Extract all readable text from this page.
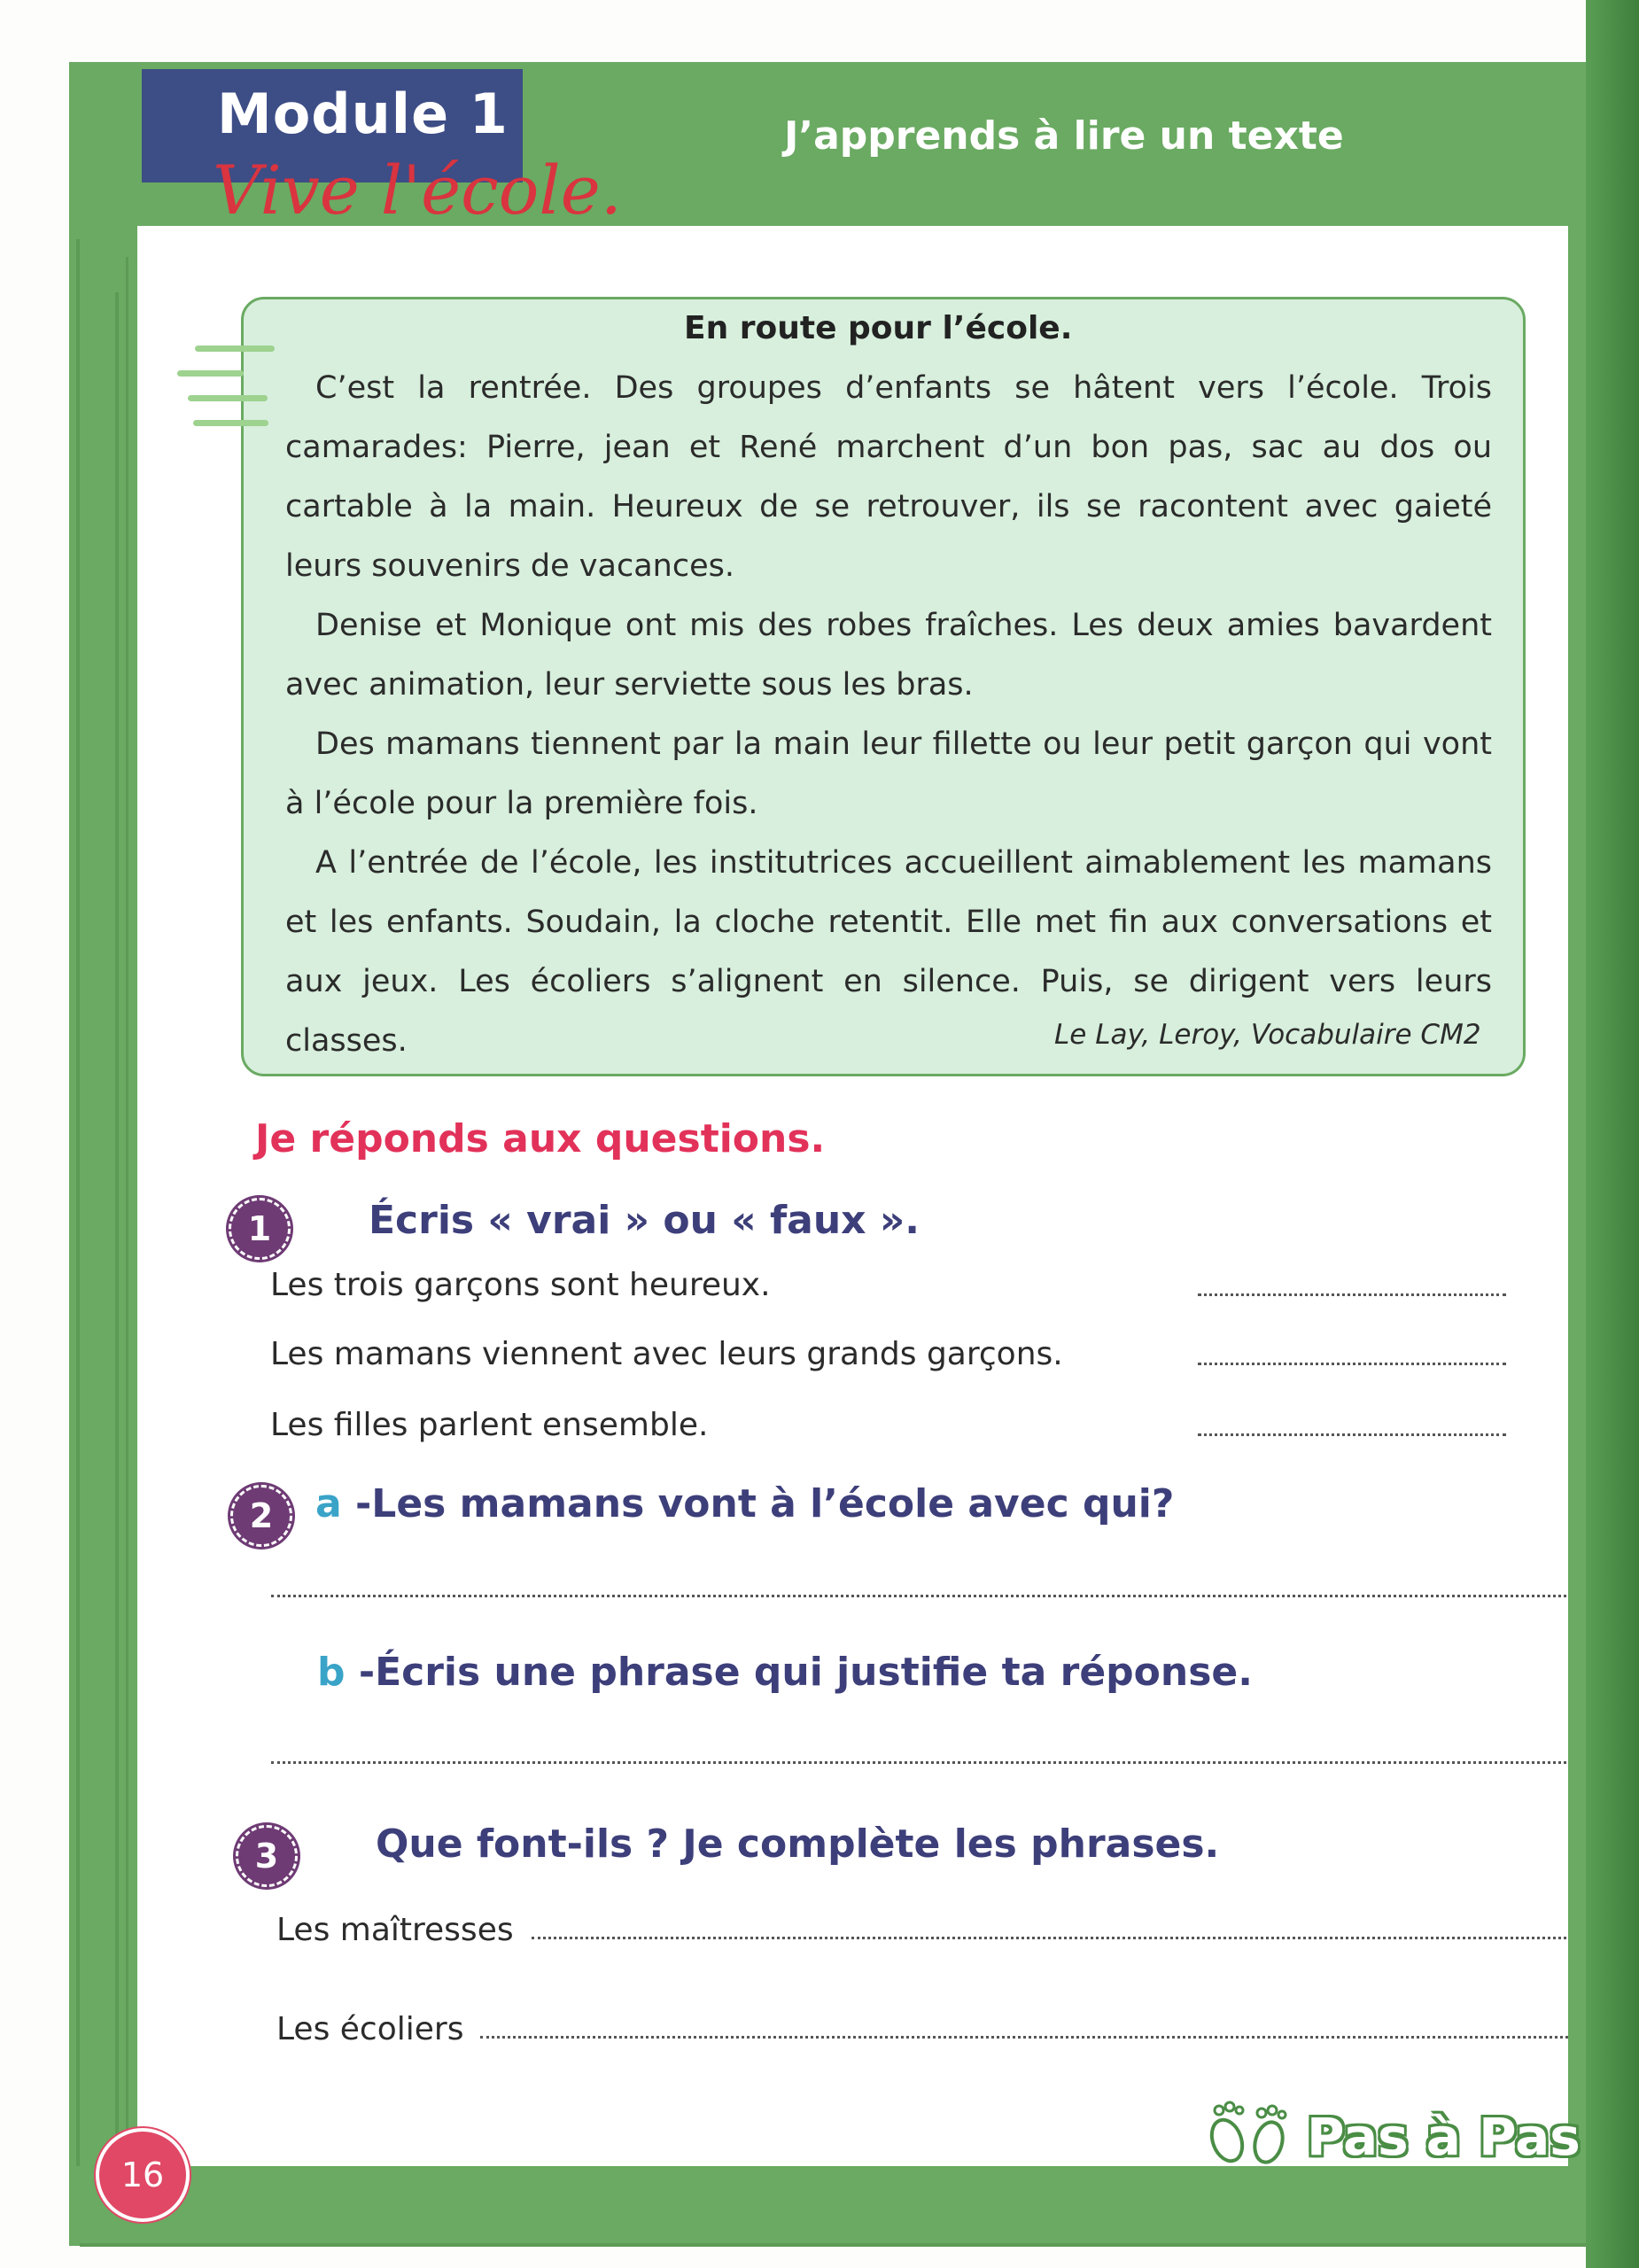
Module 1
Vive l'école.
J’apprends à lire un texte
En route pour l’école.

C’est la rentrée. Des groupes d’enfants se hâtent vers l’école. Trois camarades: Pierre, jean et René marchent d’un bon pas, sac au dos ou cartable à la main. Heureux de se retrouver, ils se racontent avec gaieté leurs souvenirs de vacances.

Denise et Monique ont mis des robes fraîches. Les deux amies bavardent avec animation, leur serviette sous les bras.

Des mamans tiennent par la main leur fillette ou leur petit garçon qui vont à l’école pour la première fois.

A l’entrée de l’école, les institutrices accueillent aimablement les mamans et les enfants. Soudain, la cloche retentit. Elle met fin aux conversations et aux jeux. Les écoliers s’alignent en silence. Puis, se dirigent vers leurs classes.	Le Lay, Leroy, Vocabulaire CM2
Je réponds aux questions.
1	Écris « vrai » ou « faux ».
Les trois garçons sont heureux.
Les mamans viennent avec leurs grands garçons.
Les filles parlent ensemble.
2	a -Les mamans vont à l’école avec qui?
b -Écris une phrase qui justifie ta réponse.
3	Que font-ils ? Je complète les phrases.
Les maîtresses
Les écoliers
16
Pas à Pas
